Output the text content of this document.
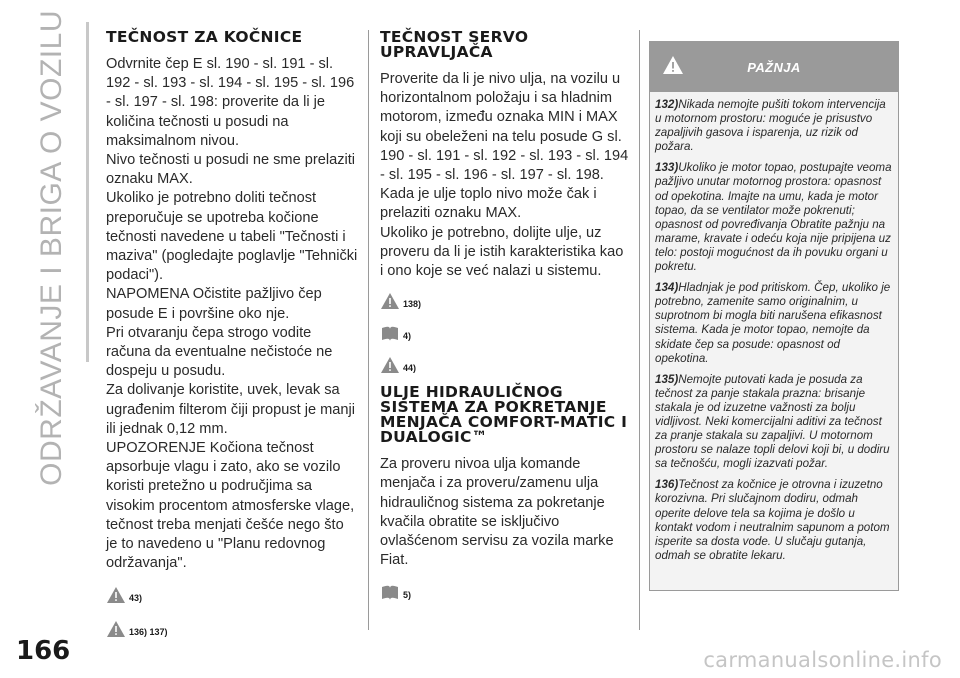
ODRŽAVANJE I BRIGA O VOZILU
166
TEČNOST ZA KOČNICE

Odvrnite čep E sl. 190 - sl. 191 - sl. 192 - sl. 193 - sl. 194 - sl. 195 - sl. 196 - sl. 197 - sl. 198: proverite da li je količina tečnosti u posudi na maksimalnom nivou.

Nivo tečnosti u posudi ne sme prelaziti oznaku MAX.

Ukoliko je potrebno doliti tečnost preporučuje se upotreba kočione tečnosti navedene u tabeli "Tečnosti i maziva" (pogledajte poglavlje "Tehnički podaci").

NAPOMENA Očistite pažljivo čep posude E i površine oko nje.

Pri otvaranju čepa strogo vodite računa da eventualne nečistoće ne dospeju u posudu.

Za dolivanje koristite, uvek, levak sa ugrađenim filterom čiji propust je manji ili jednak 0,12 mm.

UPOZORENJE Kočiona tečnost apsorbuje vlagu i zato, ako se vozilo koristi pretežno u područjima sa visokim procentom atmosferske vlage, tečnost treba menjati češće nego što je to navedeno u "Planu redovnog održavanja".

43)
136) 137)
TEČNOST SERVO UPRAVLJAČA

Proverite da li je nivo ulja, na vozilu u horizontalnom položaju i sa hladnim motorom, između oznaka MIN i MAX koji su obeleženi na telu posude G sl. 190 - sl. 191 - sl. 192 - sl. 193 - sl. 194 - sl. 195 - sl. 196 - sl. 197 - sl. 198.

Kada je ulje toplo nivo može čak i prelaziti oznaku MAX.

Ukoliko je potrebno, dolijte ulje, uz proveru da li je istih karakteristika kao i ono koje se već nalazi u sistemu.

138)
4)
44)
ULJE HIDRAULIČNOG SISTEMA ZA POKRETANJE MENJAČA COMFORT-MATIC I DUALOGIC™

Za proveru nivoa ulja komande menjača i za proveru/zamenu ulja hidrauličnog sistema za pokretanje kvačila obratite se isključivo ovlašćenom servisu za vozila marke Fiat.

5)
PAŽNJA
132)Nikada nemojte pušiti tokom intervencija u motornom prostoru: moguće je prisustvo zapaljivih gasova i isparenja, uz rizik od požara.
133)Ukoliko je motor topao, postupajte veoma pažljivo unutar motornog prostora: opasnost od opekotina. Imajte na umu, kada je motor topao, da se ventilator može pokrenuti; opasnost od povređivanja Obratite pažnju na marame, kravate i odeću koja nije pripijena uz telo: postoji mogućnost da ih povuku organi u pokretu.
134)Hladnjak je pod pritiskom. Čep, ukoliko je potrebno, zamenite samo originalnim, u suprotnom bi mogla biti narušena efikasnost sistema. Kada je motor topao, nemojte da skidate čep sa posude: opasnost od opekotina.
135)Nemojte putovati kada je posuda za tečnost za panje stakala prazna: brisanje stakala je od izuzetne važnosti za bolju vidljivost. Neki komercijalni aditivi za tečnost za pranje stakala su zapaljivi. U motornom prostoru se nalaze topli delovi koji bi, u dodiru sa tečnošću, mogli izazvati požar.
136)Tečnost za kočnice je otrovna i izuzetno korozivna. Pri slučajnom dodiru, odmah operite delove tela sa kojima je došlo u kontakt vodom i neutralnim sapunom a potom isperite sa dosta vode. U slučaju gutanja, odmah se obratite lekaru.
carmanualsonline.info
